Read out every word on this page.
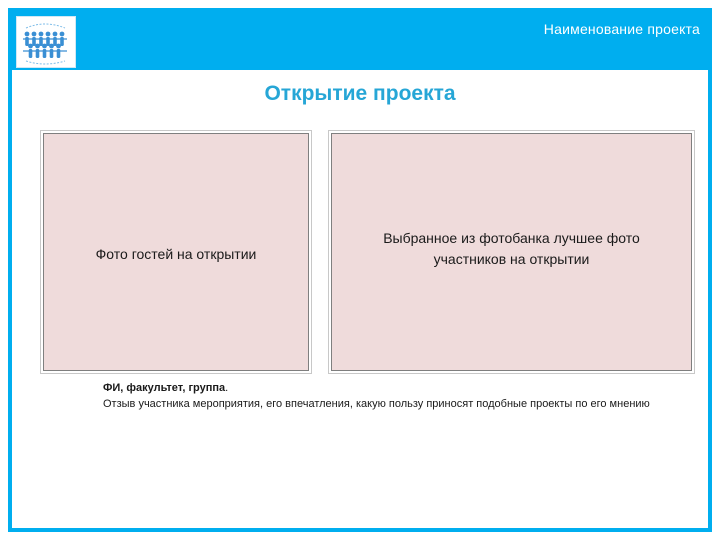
Наименование проекта
Открытие проекта
Фото гостей на открытии
Выбранное из фотобанка лучшее фото участников на открытии
ФИ, факультет, группа.
Отзыв участника мероприятия, его впечатления, какую пользу приносят подобные проекты по его мнению
